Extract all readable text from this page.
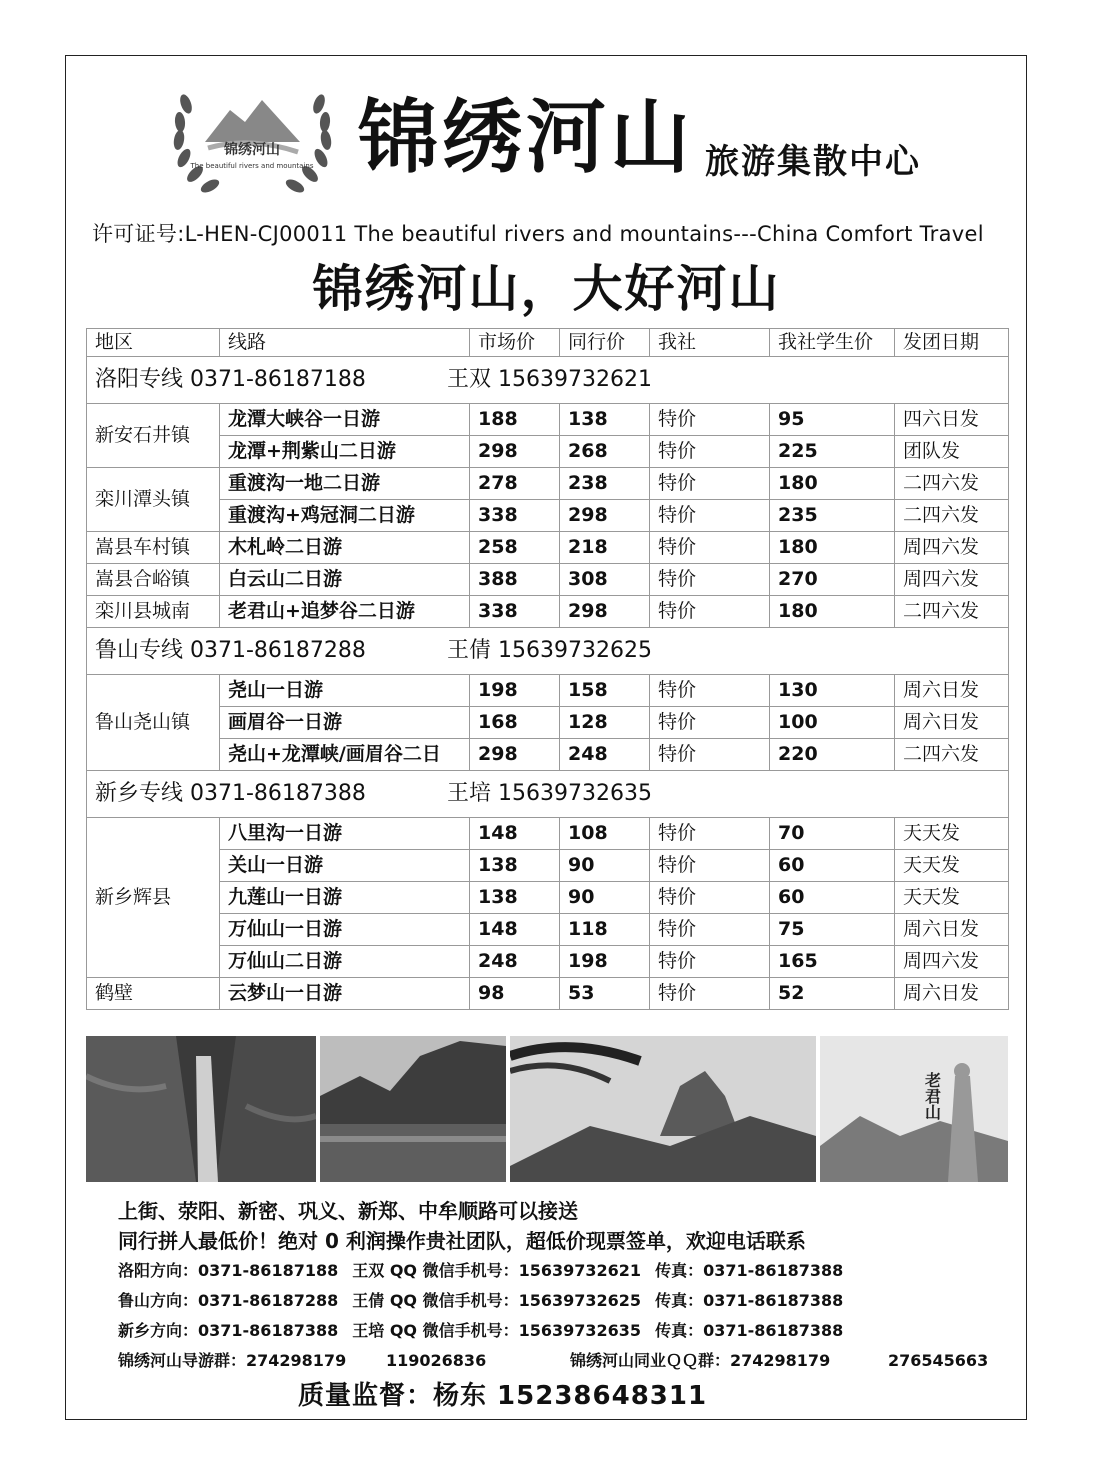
锦绣河山
The beautiful rivers and mountains 锦绣河山 旅游集散中心
许可证号:L-HEN-CJ00011 The beautiful rivers and mountains---China Comfort Travel
锦绣河山，大好河山
地区	线路	市场价	同行价	我社	我社学生价	发团日期
洛阳专线 0371-86187188 王双 15639732621						
新安石井镇	龙潭大峡谷一日游	188	138	特价	95	四六日发
	龙潭+荆紫山二日游	298	268	特价	225	团队发
栾川潭头镇	重渡沟一地二日游	278	238	特价	180	二四六发
	重渡沟+鸡冠洞二日游	338	298	特价	235	二四六发
嵩县车村镇	木札岭二日游	258	218	特价	180	周四六发
嵩县合峪镇	白云山二日游	388	308	特价	270	周四六发
栾川县城南	老君山+追梦谷二日游	338	298	特价	180	二四六发
鲁山专线 0371-86187288 王倩 15639732625						
鲁山尧山镇	尧山一日游	198	158	特价	130	周六日发
	画眉谷一日游	168	128	特价	100	周六日发
	尧山+龙潭峡/画眉谷二日	298	248	特价	220	二四六发
新乡专线 0371-86187388 王培 15639732635						
新乡辉县	八里沟一日游	148	108	特价	70	天天发
	关山一日游	138	90	特价	60	天天发
	九莲山一日游	138	90	特价	60	天天发
	万仙山一日游	148	118	特价	75	周六日发
	万仙山二日游	248	198	特价	165	周四六发
鹤壁	云梦山一日游	98	53	特价	52	周六日发
老君山
上街、荥阳、新密、巩义、新郑、中牟顺路可以接送
同行拼人最低价！绝对 0 利润操作贵社团队，超低价现票签单，欢迎电话联系
洛阳方向：0371-86187188 王双 QQ 微信手机号：15639732621 传真：0371-86187388
鲁山方向：0371-86187288 王倩 QQ 微信手机号：15639732625 传真：0371-86187388
新乡方向：0371-86187388 王培 QQ 微信手机号：15639732635 传真：0371-86187388
锦绣河山导游群：274298179 119026836	锦绣河山同业ＱＱ群：274298179	276545663
质量监督：杨东 15238648311
